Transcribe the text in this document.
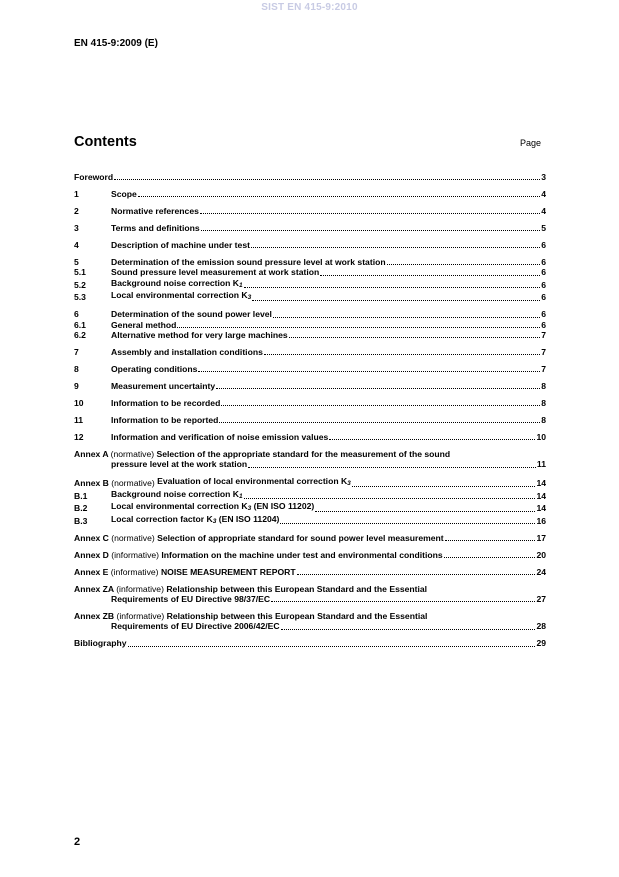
SIST EN 415-9:2010
EN 415-9:2009 (E)
Contents	Page
Foreword	3
1	Scope	4
2	Normative references	4
3	Terms and definitions	5
4	Description of machine under test	6
5	Determination of the emission sound pressure level at work station	6
5.1	Sound pressure level measurement at work station	6
5.2	Background noise correction K1	6
5.3	Local environmental correction K3	6
6	Determination of the sound power level	6
6.1	General method	6
6.2	Alternative method for very large machines	7
7	Assembly and installation conditions	7
8	Operating conditions	7
9	Measurement uncertainty	8
10	Information to be recorded	8
11	Information to be reported	8
12	Information and verification of noise emission values	10
Annex A (normative) Selection of the appropriate standard for the measurement of the sound
pressure level at the work station	11
Annex B (normative) Evaluation of local environmental correction K3	14
B.1	Background noise correction K1	14
B.2	Local environmental correction K3 (EN ISO 11202)	14
B.3	Local correction factor K3 (EN ISO 11204)	16
Annex C (normative) Selection of appropriate standard for sound power level measurement	17
Annex D (informative) Information on the machine under test and environmental conditions	20
Annex E (informative) NOISE MEASUREMENT REPORT	24
Annex ZA (informative) Relationship between this European Standard and the Essential
Requirements of EU Directive 98/37/EC	27
Annex ZB (informative) Relationship between this European Standard and the Essential
Requirements of EU Directive 2006/42/EC	28
Bibliography	29
2
